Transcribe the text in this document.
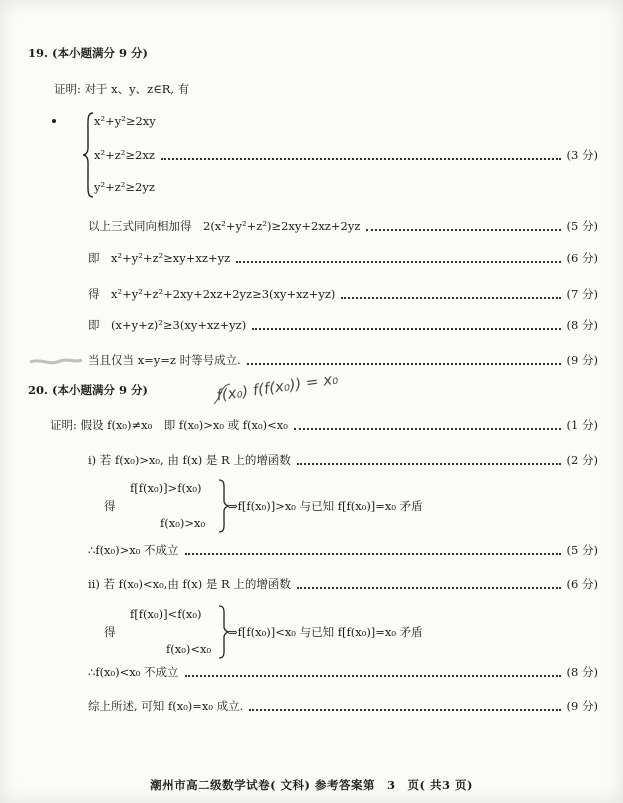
19. (本小题满分 9 分)
证明: 对于 x、y、z∈R, 有
x²+y²≥2xy
x²+z²≥2xz	(3 分)
y²+z²≥2yz
以上三式同向相加得　2(x²+y²+z²)≥2xy+2xz+2yz	(5 分)
即　x²+y²+z²≥xy+xz+yz	(6 分)
得　x²+y²+z²+2xy+2xz+2yz≥3(xy+xz+yz)	(7 分)
即　(x+y+z)²≥3(xy+xz+yz)	(8 分)
当且仅当 x=y=z 时等号成立.	(9 分)
20. (本小题满分 9 分)	f(x₀) f(f(x₀)) = x₀
证明: 假设 f(x₀)≠x₀　即 f(x₀)>x₀ 或 f(x₀)<x₀	(1 分)
i) 若 f(x₀)>x₀, 由 f(x) 是 R 上的增函数	(2 分)
得
f[f(x₀)]>f(x₀)
f(x₀)>x₀
⇒f[f(x₀)]>x₀ 与已知 f[f(x₀)]=x₀ 矛盾
∴f(x₀)>x₀ 不成立	(5 分)
ii) 若 f(x₀)<x₀,由 f(x) 是 R 上的增函数	(6 分)
得
f[f(x₀)]<f(x₀)
f(x₀)<x₀
⇒f[f(x₀)]<x₀ 与已知 f[f(x₀)]=x₀ 矛盾
∴f(x₀)<x₀ 不成立	(8 分)
综上所述, 可知 f(x₀)=x₀ 成立.	(9 分)
潮州市高二级数学试卷( 文科) 参考答案第　3　页( 共3 页)
